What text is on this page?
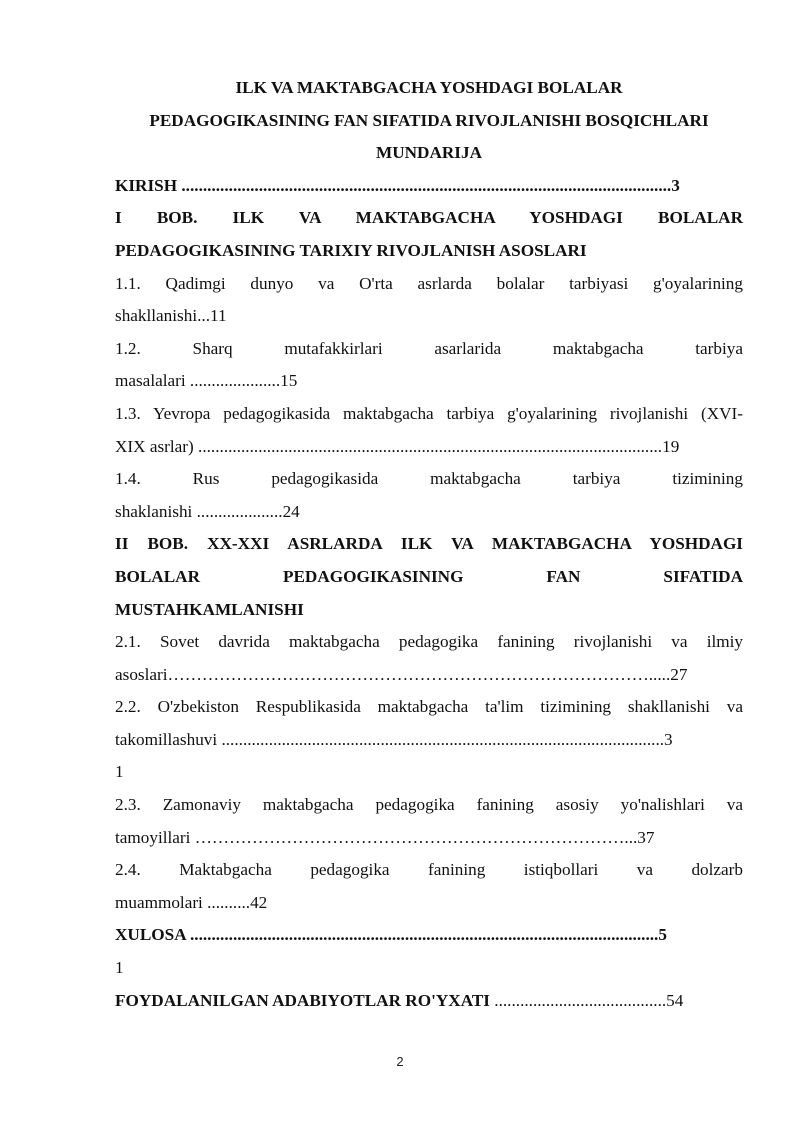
ILK VA MAKTABGACHA YOSHDAGI BOLALAR

PEDAGOGIKASINING FAN SIFATIDA RIVOJLANISHI BOSQICHLARI

MUNDARIJA

KIRISH ..................................................................................................................3

I BOB. ILK VA MAKTABGACHA YOSHDAGI BOLALAR
PEDAGOGIKASINING TARIXIY RIVOJLANISH ASOSLARI

1.1. Qadimgi dunyo va O'rta asrlarda bolalar tarbiyasi g'oyalarining
shakllanishi...11

1.2. Sharq mutafakkirlari asarlarida maktabgacha tarbiya
masalalari .....................15

1.3. Yevropa pedagogikasida maktabgacha tarbiya g'oyalarining rivojlanishi (XVI-
XIX asrlar) ............................................................................................................19

1.4. Rus pedagogikasida maktabgacha tarbiya tizimining
shaklanishi ....................24

II BOB. XX-XXI ASRLARDA ILK VA MAKTABGACHA YOSHDAGI
BOLALAR PEDAGOGIKASINING FAN SIFATIDA
MUSTAHKAMLANISHI

2.1. Sovet davrida maktabgacha pedagogika fanining rivojlanishi va ilmiy
asoslari………………………………………………………………………….....27

2.2. O'zbekiston Respublikasida maktabgacha ta'lim tizimining shakllanishi va
takomillashuvi .......................................................................................................3
1

2.3. Zamonaviy maktabgacha pedagogika fanining asosiy yo'nalishlari va
tamoyillari …………………………………………………………………...37

2.4. Maktabgacha pedagogika fanining istiqbollari va dolzarb
muammolari ..........42

XULOSA .............................................................................................................5
1

FOYDALANILGAN ADABIYOTLAR RO'YXATI ........................................54

2
